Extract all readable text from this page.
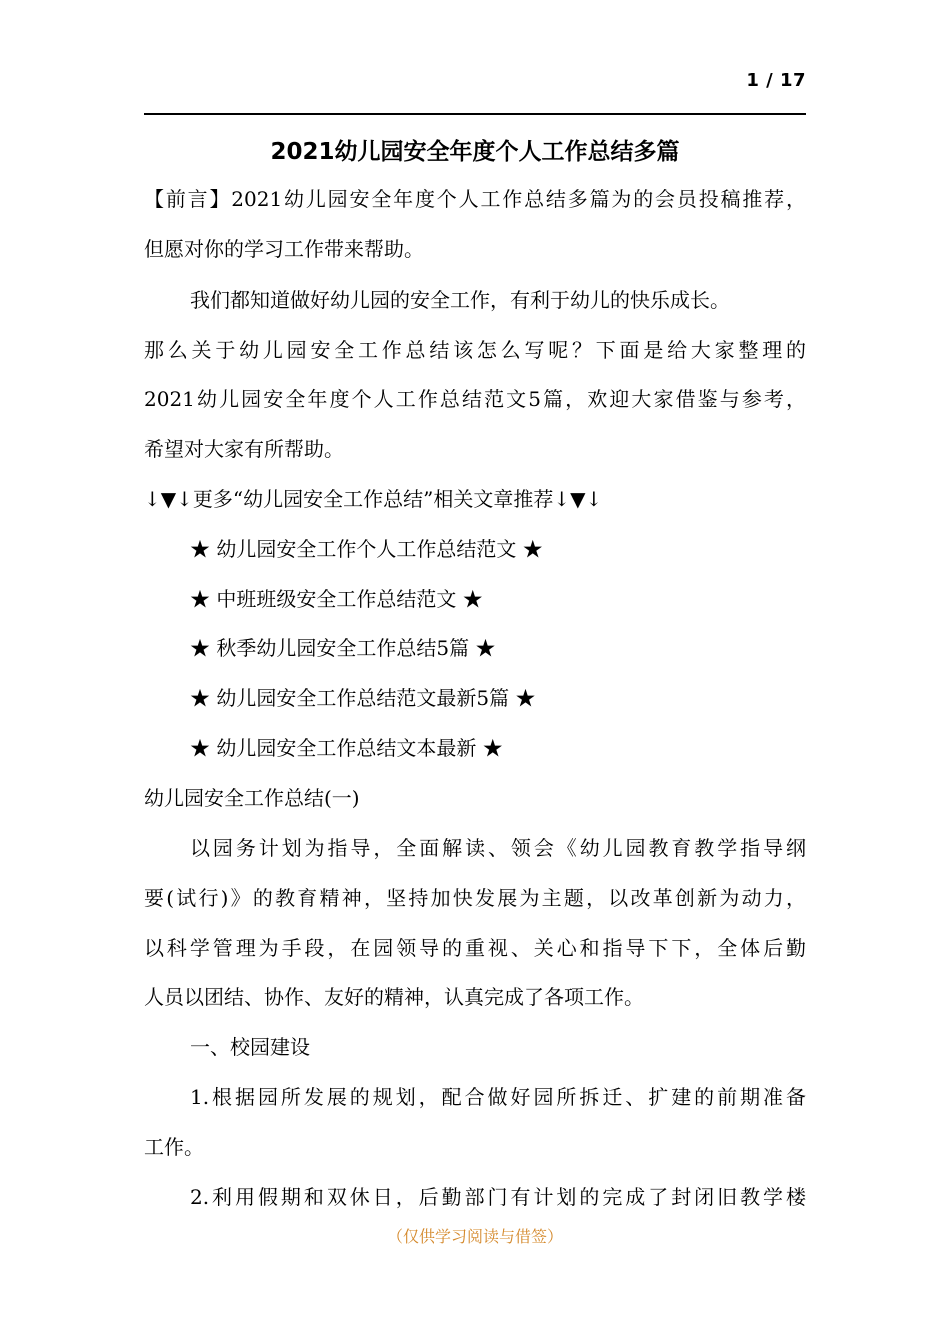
1 / 17
2021幼儿园安全年度个人工作总结多篇
【前言】2021幼儿园安全年度个人工作总结多篇为的会员投稿推荐，
但愿对你的学习工作带来帮助。
我们都知道做好幼儿园的安全工作，有利于幼儿的快乐成长。
那么关于幼儿园安全工作总结该怎么写呢？下面是给大家整理的
2021幼儿园安全年度个人工作总结范文5篇，欢迎大家借鉴与参考，
希望对大家有所帮助。
↓▼↓更多“幼儿园安全工作总结”相关文章推荐↓▼↓
★ 幼儿园安全工作个人工作总结范文 ★
★ 中班班级安全工作总结范文 ★
★ 秋季幼儿园安全工作总结5篇 ★
★ 幼儿园安全工作总结范文最新5篇 ★
★ 幼儿园安全工作总结文本最新 ★
幼儿园安全工作总结(一)
以园务计划为指导，全面解读、领会《幼儿园教育教学指导纲
要(试行)》的教育精神，坚持加快发展为主题，以改革创新为动力，
以科学管理为手段，在园领导的重视、关心和指导下下，全体后勤
人员以团结、协作、友好的精神，认真完成了各项工作。
一、校园建设
1.根据园所发展的规划，配合做好园所拆迁、扩建的前期准备
工作。
2.利用假期和双休日，后勤部门有计划的完成了封闭旧教学楼
（仅供学习阅读与借签）
